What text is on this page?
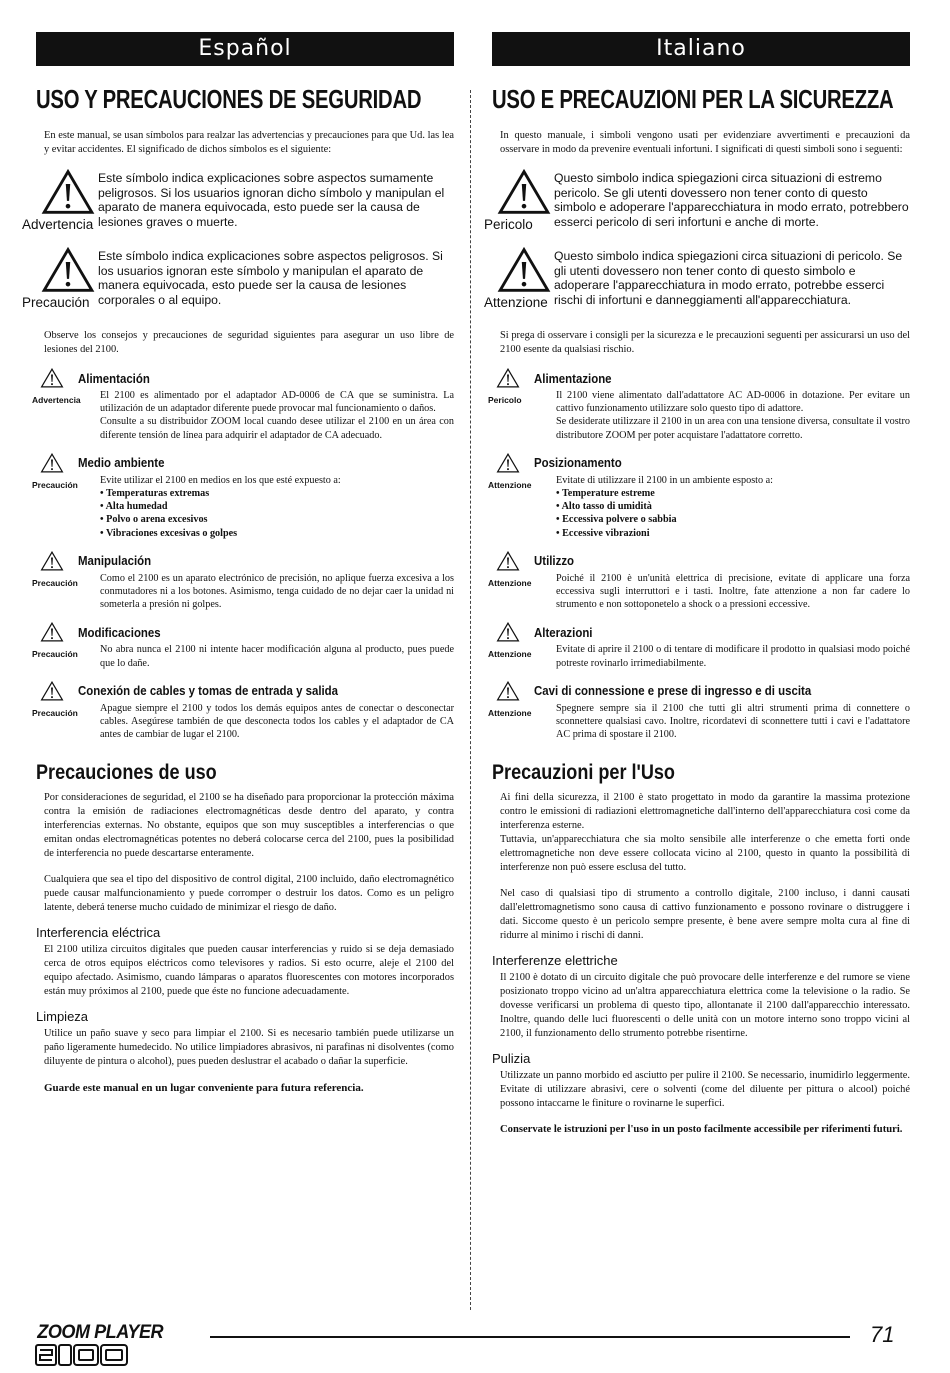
Español
USO Y PRECAUCIONES DE SEGURIDAD

En este manual, se usan símbolos para realzar las advertencias y precauciones para que Ud. las lea y evitar accidentes. El significado de dichos símbolos es el siguiente:

Advertencia
Este símbolo indica explicaciones sobre aspectos sumamente peligrosos. Si los usuarios ignoran dicho símbolo y manipulan el aparato de manera equivocada, esto puede ser la causa de lesiones graves o muerte.
Precaución
Este símbolo indica explicaciones sobre aspectos peligrosos. Si los usuarios ignoran este símbolo y manipulan el aparato de manera equivocada, esto puede ser la causa de lesiones corporales o al equipo.

Observe los consejos y precauciones de seguridad siguientes para asegurar un uso libre de lesiones del 2100.

Alimentación
Advertencia	El 2100 es alimentado por el adaptador AD-0006 de CA que se suministra. La utilización de un adaptador diferente puede provocar mal funcionamiento o daños.
Consulte a su distribuidor ZOOM local cuando desee utilizar el 2100 en un área con diferente tensión de línea para adquirir el adaptador de CA adecuado.
Medio ambiente
Precaución	Evite utilizar el 2100 en medios en los que esté expuesto a:
• Temperaturas extremas
• Alta humedad
• Polvo o arena excesivos
• Vibraciones excesivas o golpes
Manipulación
Precaución	Como el 2100 es un aparato electrónico de precisión, no aplique fuerza excesiva a los conmutadores ni a los botones. Asimismo, tenga cuidado de no dejar caer la unidad ni someterla a presión ni golpes.
Modificaciones
Precaución	No abra nunca el 2100 ni intente hacer modificación alguna al producto, pues puede que lo dañe.
Conexión de cables y tomas de entrada y salida
Precaución	Apague siempre el 2100 y todos los demás equipos antes de conectar o desconectar cables. Asegúrese también de que desconecta todos los cables y el adaptador de CA antes de cambiar de lugar el 2100.
Precauciones de uso

Por consideraciones de seguridad, el 2100 se ha diseñado para proporcionar la protección máxima contra la emisión de radiaciones electromagnéticas desde dentro del aparato, y contra interferencias externas. No obstante, equipos que son muy susceptibles a interferencias o que emitan ondas electromagnéticas potentes no deberá colocarse cerca del 2100, pues la posibilidad de interferencia no puede descartarse enteramente.

Cualquiera que sea el tipo del dispositivo de control digital, 2100 incluido, daño electromagnético puede causar malfuncionamiento y puede corromper o destruir los datos. Como es un peligro latente, deberá tenerse mucho cuidado de minimizar el riesgo de daño.

Interferencia eléctrica

El 2100 utiliza circuitos digitales que pueden causar interferencias y ruido si se deja demasiado cerca de otros equipos eléctricos como televisores y radios. Si esto ocurre, aleje el 2100 del equipo afectado. Asimismo, cuando lámparas o aparatos fluorescentes con motores incorporados están muy próximos al 2100, puede que éste no funcione adecuadamente.

Limpieza

Utilice un paño suave y seco para limpiar el 2100. Si es necesario también puede utilizarse un paño ligeramente humedecido. No utilice limpiadores abrasivos, ni parafinas ni disolventes (como diluyente de pintura o alcohol), pues pueden deslustrar el acabado o dañar la superficie.

Guarde este manual en un lugar conveniente para futura referencia.

Italiano
USO E PRECAUZIONI PER LA SICUREZZA

In questo manuale, i simboli vengono usati per evidenziare avvertimenti e precauzioni da osservare in modo da prevenire eventuali infortuni. I significati di questi simboli sono i seguenti:

Pericolo
Questo simbolo indica spiegazioni circa situazioni di estremo pericolo. Se gli utenti dovessero non tener conto di questo simbolo e adoperare l'apparecchiatura in modo errato, potrebbero esserci pericolo di seri infortuni e anche di morte.
Attenzione
Questo simbolo indica spiegazioni circa situazioni di pericolo. Se gli utenti dovessero non tener conto di questo simbolo e adoperare l'apparecchiatura in modo errato, potrebbe esserci rischi di infortuni e danneggiamenti all'apparecchiatura.

Si prega di osservare i consigli per la sicurezza e le precauzioni seguenti per assicurarsi un uso del 2100 esente da qualsiasi rischio.

Alimentazione
Pericolo	Il 2100 viene alimentato dall'adattatore AC AD-0006 in dotazione. Per evitare un cattivo funzionamento utilizzare solo questo tipo di adattore.
Se desiderate utilizzare il 2100 in un area con una tensione diversa, consultate il vostro distributore ZOOM per poter acquistare l'adattatore corretto.
Posizionamento
Attenzione	Evitate di utilizzare il 2100 in un ambiente esposto a:
• Temperature estreme
• Alto tasso di umidità
• Eccessiva polvere o sabbia
• Eccessive vibrazioni
Utilizzo
Attenzione	Poiché il 2100 è un'unità elettrica di precisione, evitate di applicare una forza eccessiva sugli interruttori e i tasti. Inoltre, fate attenzione a non far cadere lo strumento e non sottoponetelo a shock o a pressioni eccessive.
Alterazioni
Attenzione	Evitate di aprire il 2100 o di tentare di modificare il prodotto in qualsiasi modo poiché potreste rovinarlo irrimediabilmente.
Cavi di connessione e prese di ingresso e di uscita
Attenzione	Spegnere sempre sia il 2100 che tutti gli altri strumenti prima di connettere o sconnettere qualsiasi cavo. Inoltre, ricordatevi di sconnettere tutti i cavi e l'adattatore AC prima di spostare il 2100.
Precauzioni per l'Uso

Ai fini della sicurezza, il 2100 è stato progettato in modo da garantire la massima protezione contro le emissioni di radiazioni elettromagnetiche dall'interno dell'apparecchiatura così come da interferenza esterne.
Tuttavia, un'apparecchiatura che sia molto sensibile alle interferenze o che emetta forti onde elettromagnetiche non deve essere collocata vicino al 2100, questo in quanto la possibilità di interferenze non può essere esclusa del tutto.

Nel caso di qualsiasi tipo di strumento a controllo digitale, 2100 incluso, i danni causati dall'elettromagnetismo sono causa di cattivo funzionamento e possono rovinare o distruggere i dati. Siccome questo è un pericolo sempre presente, è bene avere sempre molta cura al fine di ridurre al minimo i rischi di danni.

Interferenze elettriche

Il 2100 è dotato di un circuito digitale che può provocare delle interferenze e del rumore se viene posizionato troppo vicino ad un'altra apparecchiatura elettrica come la televisione o la radio. Se dovesse verificarsi un problema di questo tipo, allontanate il 2100 dall'apparecchio interessato. Inoltre, quando delle luci fluorescenti o delle unità con un motore interno sono troppo vicini al 2100, il funzionamento dello strumento potrebbe risentirne.

Pulizia

Utilizzate un panno morbido ed asciutto per pulire il 2100. Se necessario, inumidirlo leggermente. Evitate di utilizzare abrasivi, cere o solventi (come del diluente per pittura o alcool) poiché possono intaccarne le finiture o rovinarne le superfici.

Conservate le istruzioni per l'uso in un posto facilmente accessibile per riferimenti futuri.

ZOOM PLAYER	71
